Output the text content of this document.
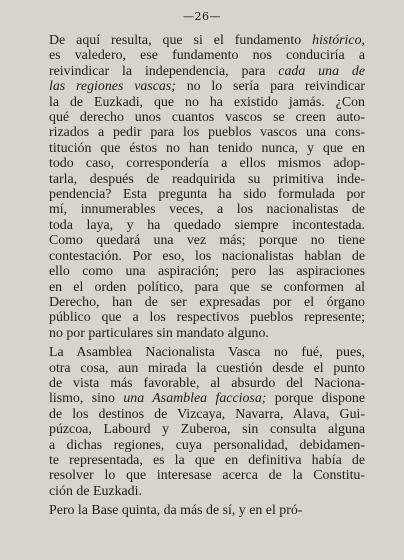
—26—
De aquí resulta, que si el fundamento histórico,
es valedero, ese fundamento nos conduciría a
reivindicar la independencia, para cada una de
las regiones vascas; no lo sería para reivindicar
la de Euzkadi, que no ha existido jamás. ¿Con
qué derecho unos cuantos vascos se creen auto-
rizados a pedir para los pueblos vascos una cons-
titución que éstos no han tenido nunca, y que en
todo caso, correspondería a ellos mismos adop-
tarla, después de readquirida su primitiva inde-
pendencia? Esta pregunta ha sido formulada por
mí, innumerables veces, a los nacionalistas de
toda laya, y ha quedado siempre incontestada.
Como quedará una vez más; porque no tiene
contestación. Por eso, los nacionalistas hablan de
ello como una aspiración; pero las aspiraciones
en el orden político, para que se conformen al
Derecho, han de ser expresadas por el órgano
público que a los respectivos pueblos represente;
no por particulares sin mandato alguno.
La Asamblea Nacionalista Vasca no fué, pues,
otra cosa, aun mirada la cuestión desde el punto
de vista más favorable, al absurdo del Naciona-
lismo, sino una Asamblea facciosa; porque dispone
de los destinos de Vizcaya, Navarra, Alava, Gui-
púzcoa, Labourd y Zuberoa, sin consulta alguna
a dichas regiones, cuya personalidad, debidamen-
te representada, es la que en definitiva había de
resolver lo que interesase acerca de la Constitu-
ción de Euzkadi.
Pero la Base quinta, da más de sí, y en el pró-
